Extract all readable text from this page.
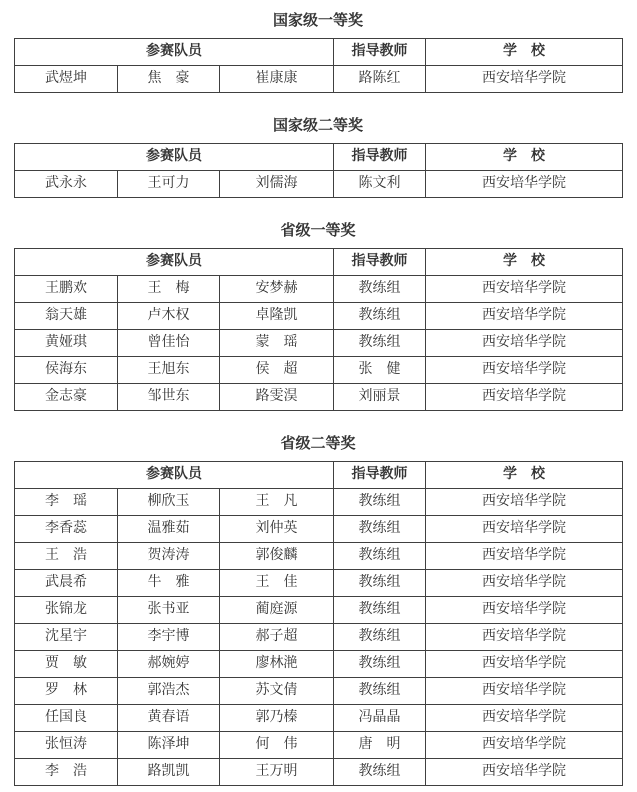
国家级一等奖
参赛队员			指导教师	学　校
武煜坤	焦　豪	崔康康	路陈红	西安培华学院
国家级二等奖
参赛队员			指导教师	学　校
武永永	王可力	刘儒海	陈文利	西安培华学院
省级一等奖
参赛队员			指导教师	学　校
王鹏欢	王　梅	安梦赫	教练组	西安培华学院
翁天雄	卢木权	卓隆凯	教练组	西安培华学院
黄娅琪	曾佳怡	蒙　瑶	教练组	西安培华学院
侯海东	王旭东	侯　超	张　健	西安培华学院
金志豪	邹世东	路雯淏	刘丽景	西安培华学院
省级二等奖
参赛队员			指导教师	学　校
李　瑶	柳欣玉	王　凡	教练组	西安培华学院
李香蕊	温雅茹	刘仲英	教练组	西安培华学院
王　浩	贺涛涛	郭俊麟	教练组	西安培华学院
武晨希	牛　雅	王　佳	教练组	西安培华学院
张锦龙	张书亚	蔺庭源	教练组	西安培华学院
沈星宇	李宇博	郝子超	教练组	西安培华学院
贾　敏	郝婉婷	廖林滟	教练组	西安培华学院
罗　林	郭浩杰	苏文倩	教练组	西安培华学院
任国良	黄春语	郭乃榛	冯晶晶	西安培华学院
张恒涛	陈泽坤	何　伟	唐　明	西安培华学院
李　浩	路凯凯	王万明	教练组	西安培华学院
